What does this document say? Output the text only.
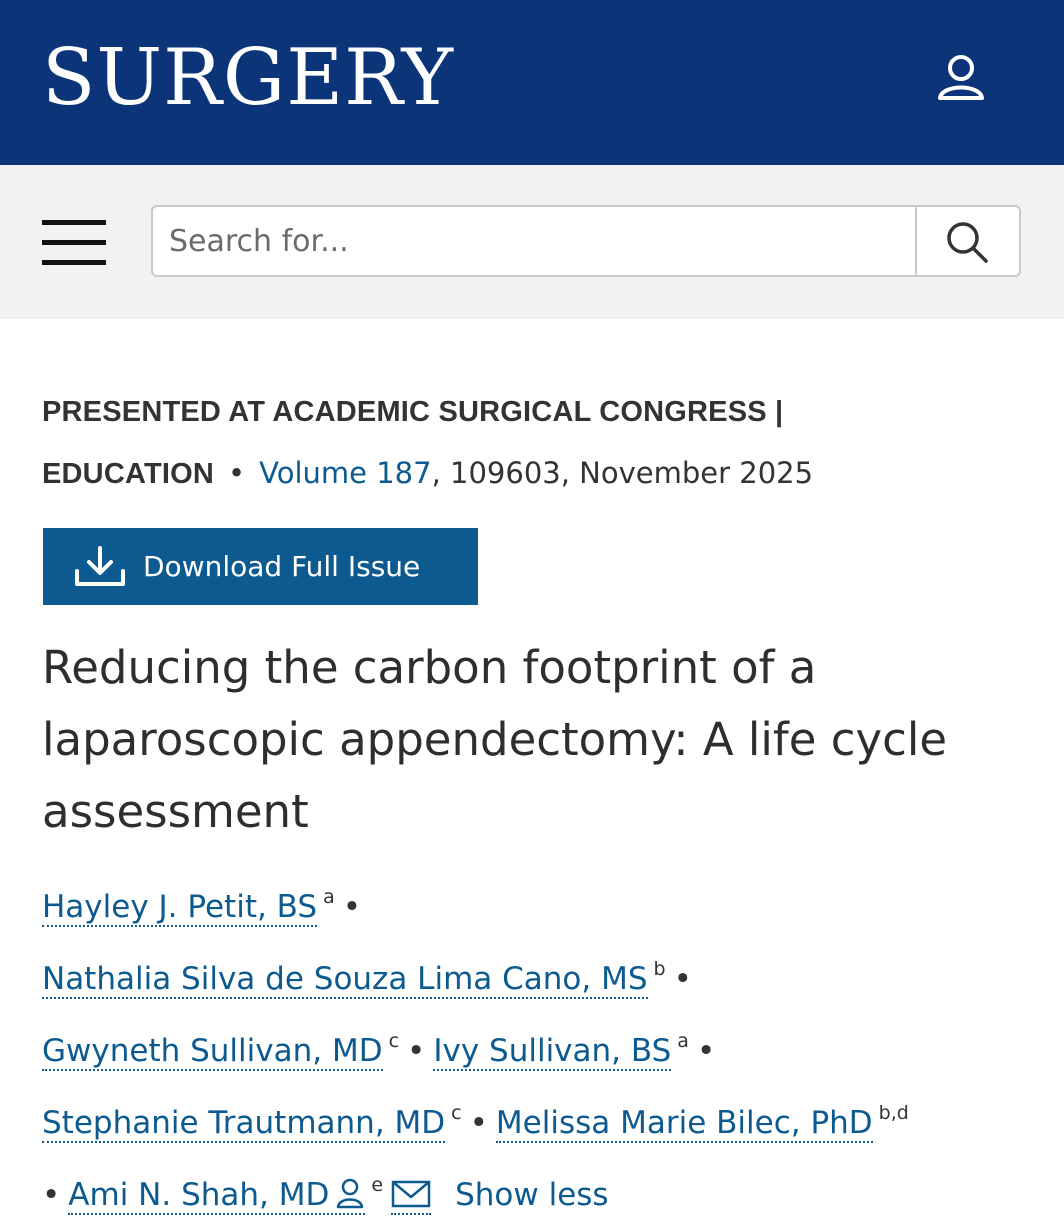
SURGERY
Search for...
PRESENTED AT ACADEMIC SURGICAL CONGRESS |
EDUCATION • Volume 187, 109603, November 2025
Download Full Issue
Reducing the carbon footprint of a laparoscopic appendectomy: A life cycle assessment
Hayley J. Petit, BS $^a$ •
Nathalia Silva de Souza Lima Cano, MS $^b$ •
Gwyneth Sullivan, MD $^c$ • Ivy Sullivan, BS $^a$ •
Stephanie Trautmann, MD $^c$ • Melissa Marie Bilec, PhD $^{b,d}$
• Ami N. Shah, MD $^e$ Show less
